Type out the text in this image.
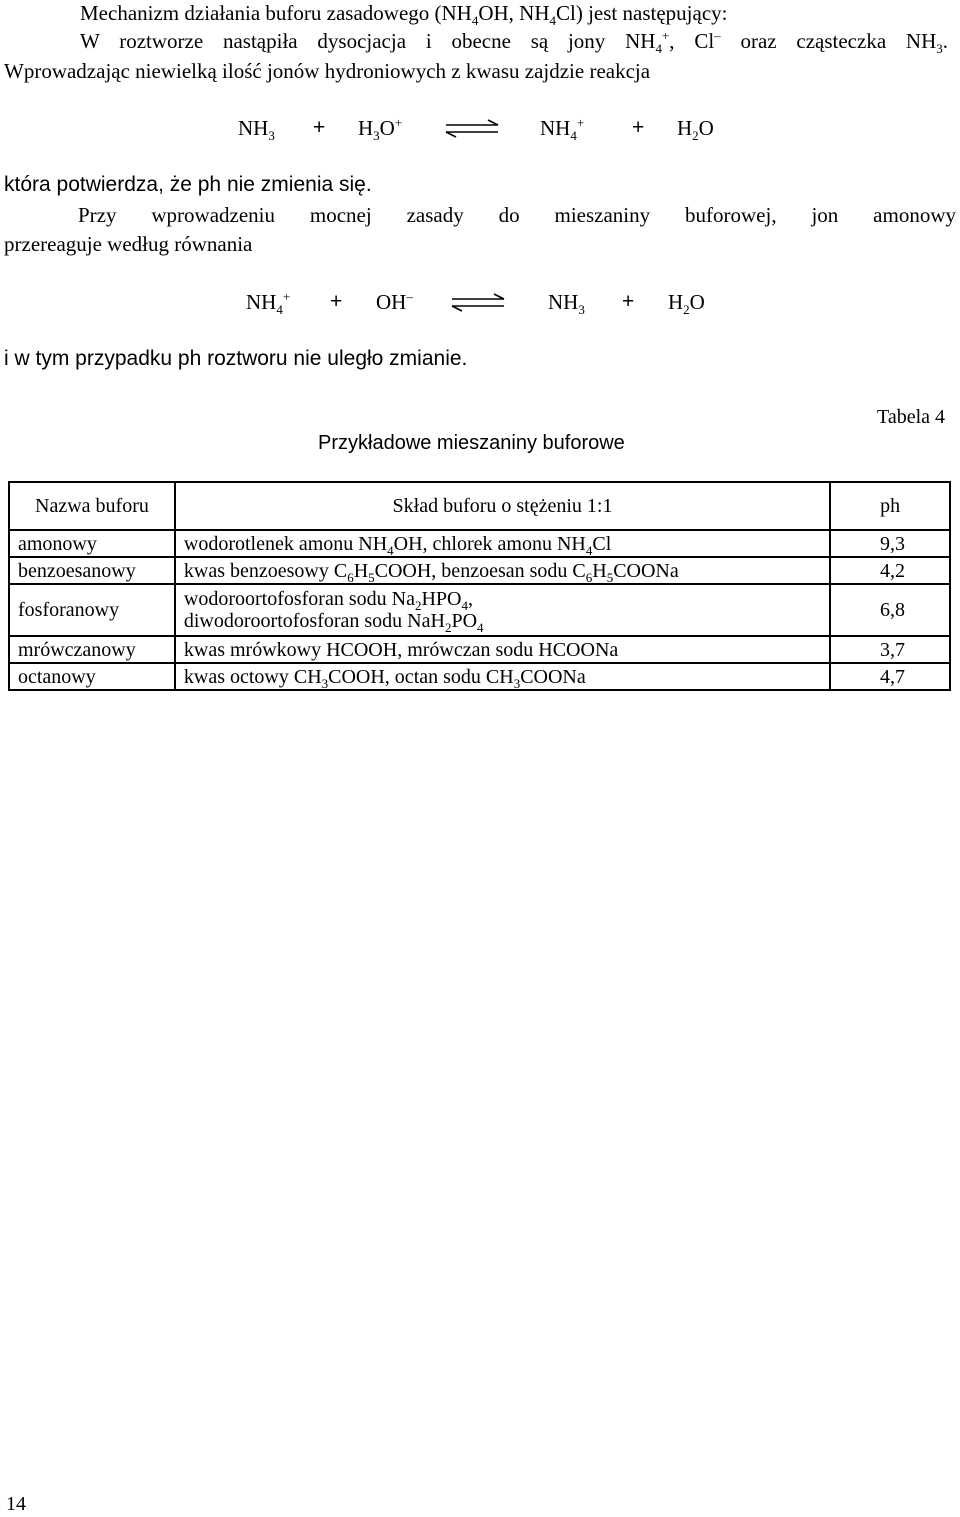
Mechanizm działania buforu zasadowego ($NH_4OH$, $NH_4Cl$) jest następujący:
W roztworze nastąpiła dysocjacja i obecne są jony $NH_4^+$, Cl– oraz cząsteczka $NH_3$.
Wprowadzając niewielką ilość jonów hydroniowych z kwasu zajdzie reakcja
$NH_3 + H_3O^+$	$NH_4^+ + H_2O$
która potwierdza, że ph nie zmienia się.
Przy wprowadzeniu mocnej zasady do mieszaniny buforowej, jon amonowy
przereaguje według równania
$NH_4^+ + OH^-$	$NH_3 + H_2O$
i w tym przypadku ph roztworu nie uległo zmianie.
Tabela 4
Przykładowe mieszaniny buforowe
Nazwa buforu	Skład buforu o stężeniu 1:1	ph
amonowy	wodorotlenek amonu $NH_4OH$, chlorek amonu $NH_4Cl$	9,3
benzoesanowy	kwas benzoesowy $C_6H_5COOH$, benzoesan sodu $C_6H_5COONa$	4,2
fosforanowy	wodoroortofosforan sodu $Na_2HPO_4$,
diwodoroortofosforan sodu $NaH_2PO_4$	6,8
mrówczanowy	kwas mrówkowy HCOOH, mrówczan sodu HCOONa	3,7
octanowy	kwas octowy $CH_3COOH$, octan sodu $CH_3COONa$	4,7
14
